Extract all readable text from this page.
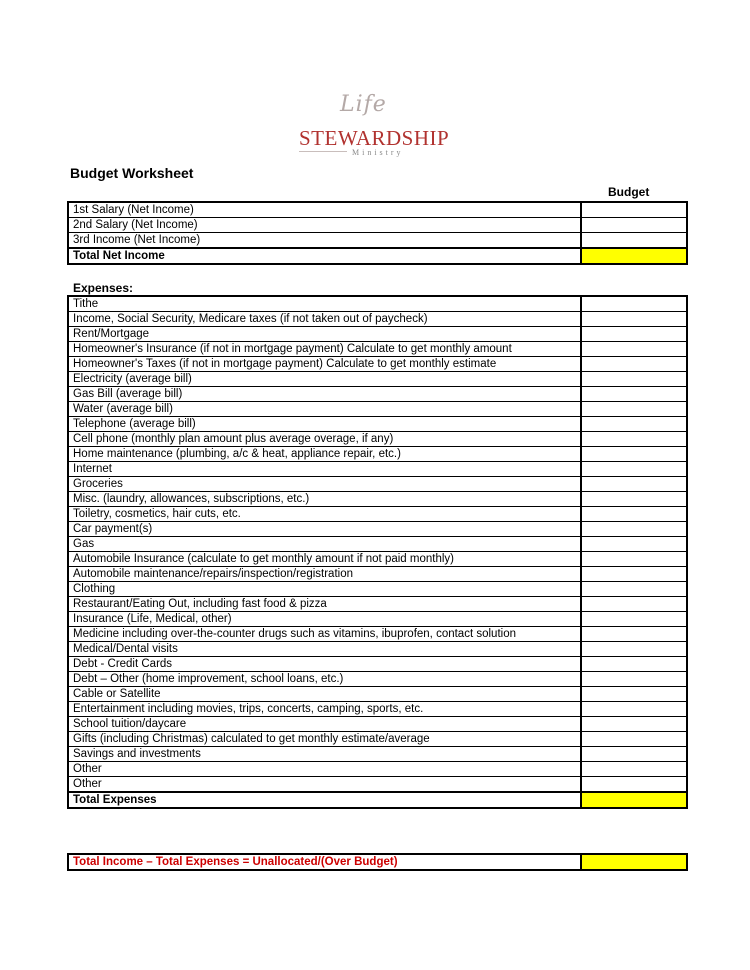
Life
STEWARDSHIP
Ministry
Budget Worksheet
Budget
1st Salary (Net Income)	
2nd Salary (Net Income)	
3rd Income (Net Income)	
Total Net Income	
Expenses:
Tithe	
Income, Social Security, Medicare taxes (if not taken out of paycheck)	
Rent/Mortgage	
Homeowner's Insurance (if not in mortgage payment) Calculate to get monthly amount	
Homeowner's Taxes (if not in mortgage payment) Calculate to get monthly estimate	
Electricity (average bill)	
Gas Bill (average bill)	
Water (average bill)	
Telephone (average bill)	
Cell phone (monthly plan amount plus average overage, if any)	
Home maintenance (plumbing, a/c & heat, appliance repair, etc.)	
Internet	
Groceries	
Misc. (laundry, allowances, subscriptions, etc.)	
Toiletry, cosmetics, hair cuts, etc.	
Car payment(s)	
Gas	
Automobile Insurance (calculate to get monthly amount if not paid monthly)	
Automobile maintenance/repairs/inspection/registration	
Clothing	
Restaurant/Eating Out, including fast food & pizza	
Insurance (Life, Medical, other)	
Medicine including over-the-counter drugs such as vitamins, ibuprofen, contact solution	
Medical/Dental visits	
Debt - Credit Cards	
Debt – Other (home improvement, school loans, etc.)	
Cable or Satellite	
Entertainment including movies, trips, concerts, camping, sports, etc.	
School tuition/daycare	
Gifts (including Christmas) calculated to get monthly estimate/average	
Savings and investments	
Other	
Other	
Total Expenses	
Total Income – Total Expenses = Unallocated/(Over Budget)	
